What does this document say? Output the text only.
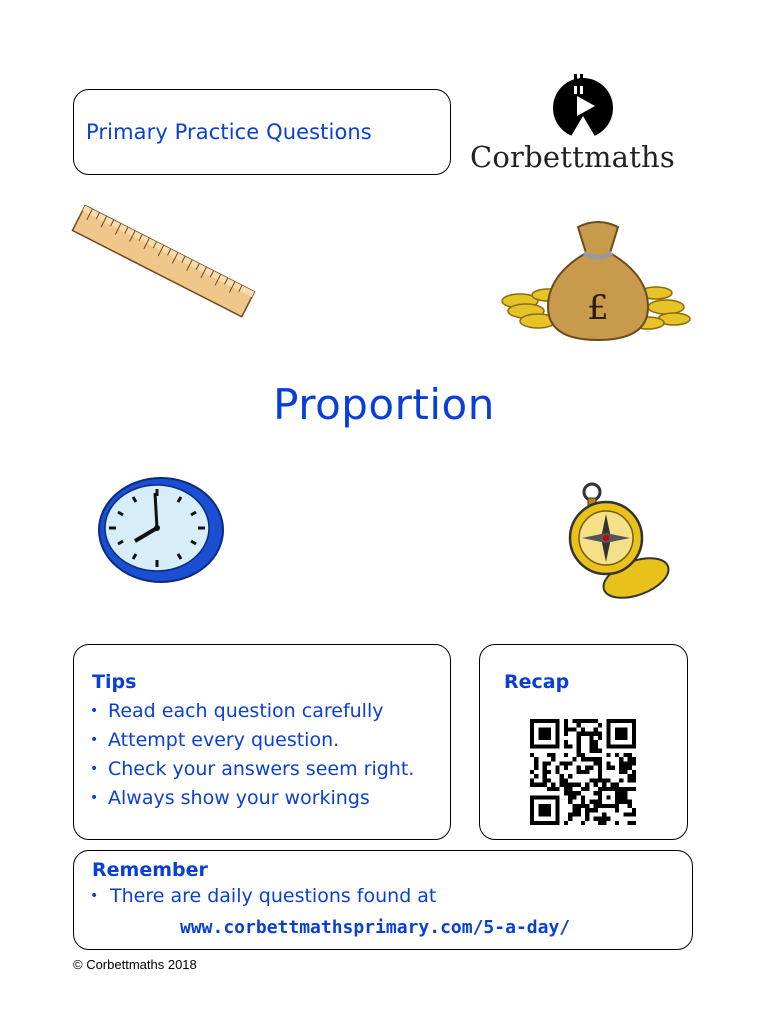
Primary Practice Questions
Corbettmaths
£
Proportion
Tips
• Read each question carefully
• Attempt every question.
• Check your answers seem right.
• Always show your workings
Recap
Remember
• There are daily questions found at
www.corbettmathsprimary.com/5-a-day/
© Corbettmaths 2018
